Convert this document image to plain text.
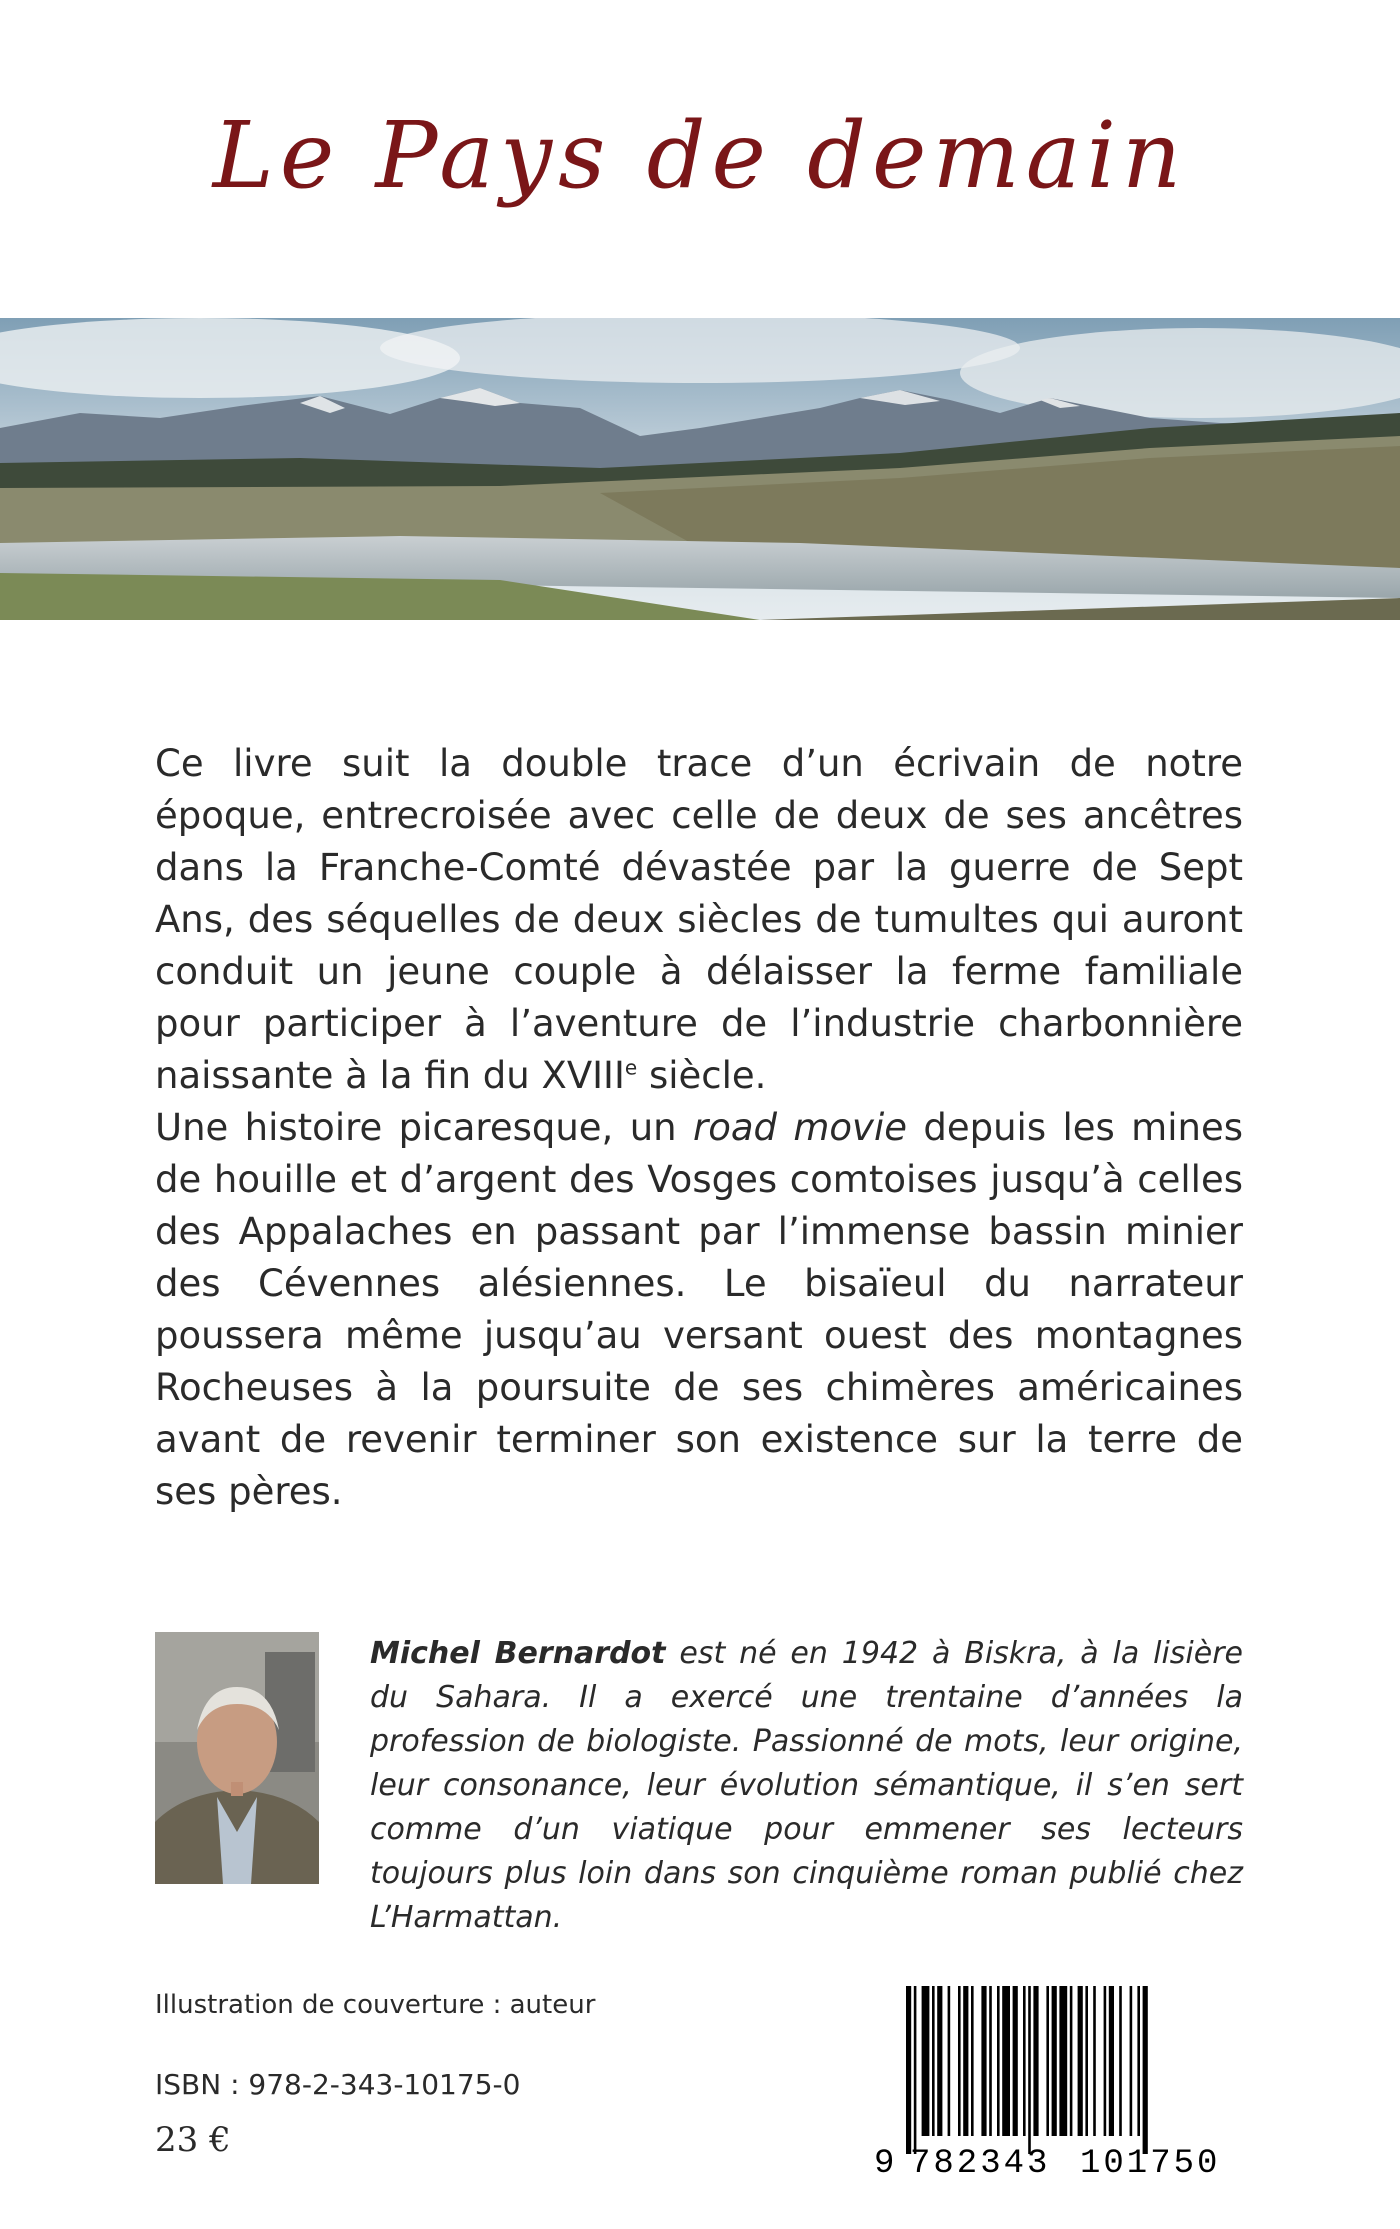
Le Pays de demain

Ce livre suit la double trace d’un écrivain de notre époque, entrecroisée avec celle de deux de ses ancêtres dans la Franche-Comté dévastée par la guerre de Sept Ans, des séquelles de deux siècles de tumultes qui auront conduit un jeune couple à délaisser la ferme familiale pour participer à l’aventure de l’industrie charbonnière naissante à la fin du XVIIIe siècle.

Une histoire picaresque, un road movie depuis les mines de houille et d’argent des Vosges comtoises jusqu’à celles des Appalaches en passant par l’immense bassin minier des Cévennes alésiennes. Le bisaïeul du narrateur poussera même jusqu’au versant ouest des montagnes Rocheuses à la poursuite de ses chimères américaines avant de revenir terminer son existence sur la terre de ses pères.

Michel Bernardot est né en 1942 à Biskra, à la lisière du Sahara. Il a exercé une trentaine d’années la profession de biologiste. Passionné de mots, leur origine, leur consonance, leur évolution sémantique, il s’en sert comme d’un viatique pour emmener ses lecteurs toujours plus loin dans son cinquième roman publié chez L’Harmattan.
Illustration de couverture : auteur
ISBN : 978-2-343-10175-0
23 €
9 782343 101750
